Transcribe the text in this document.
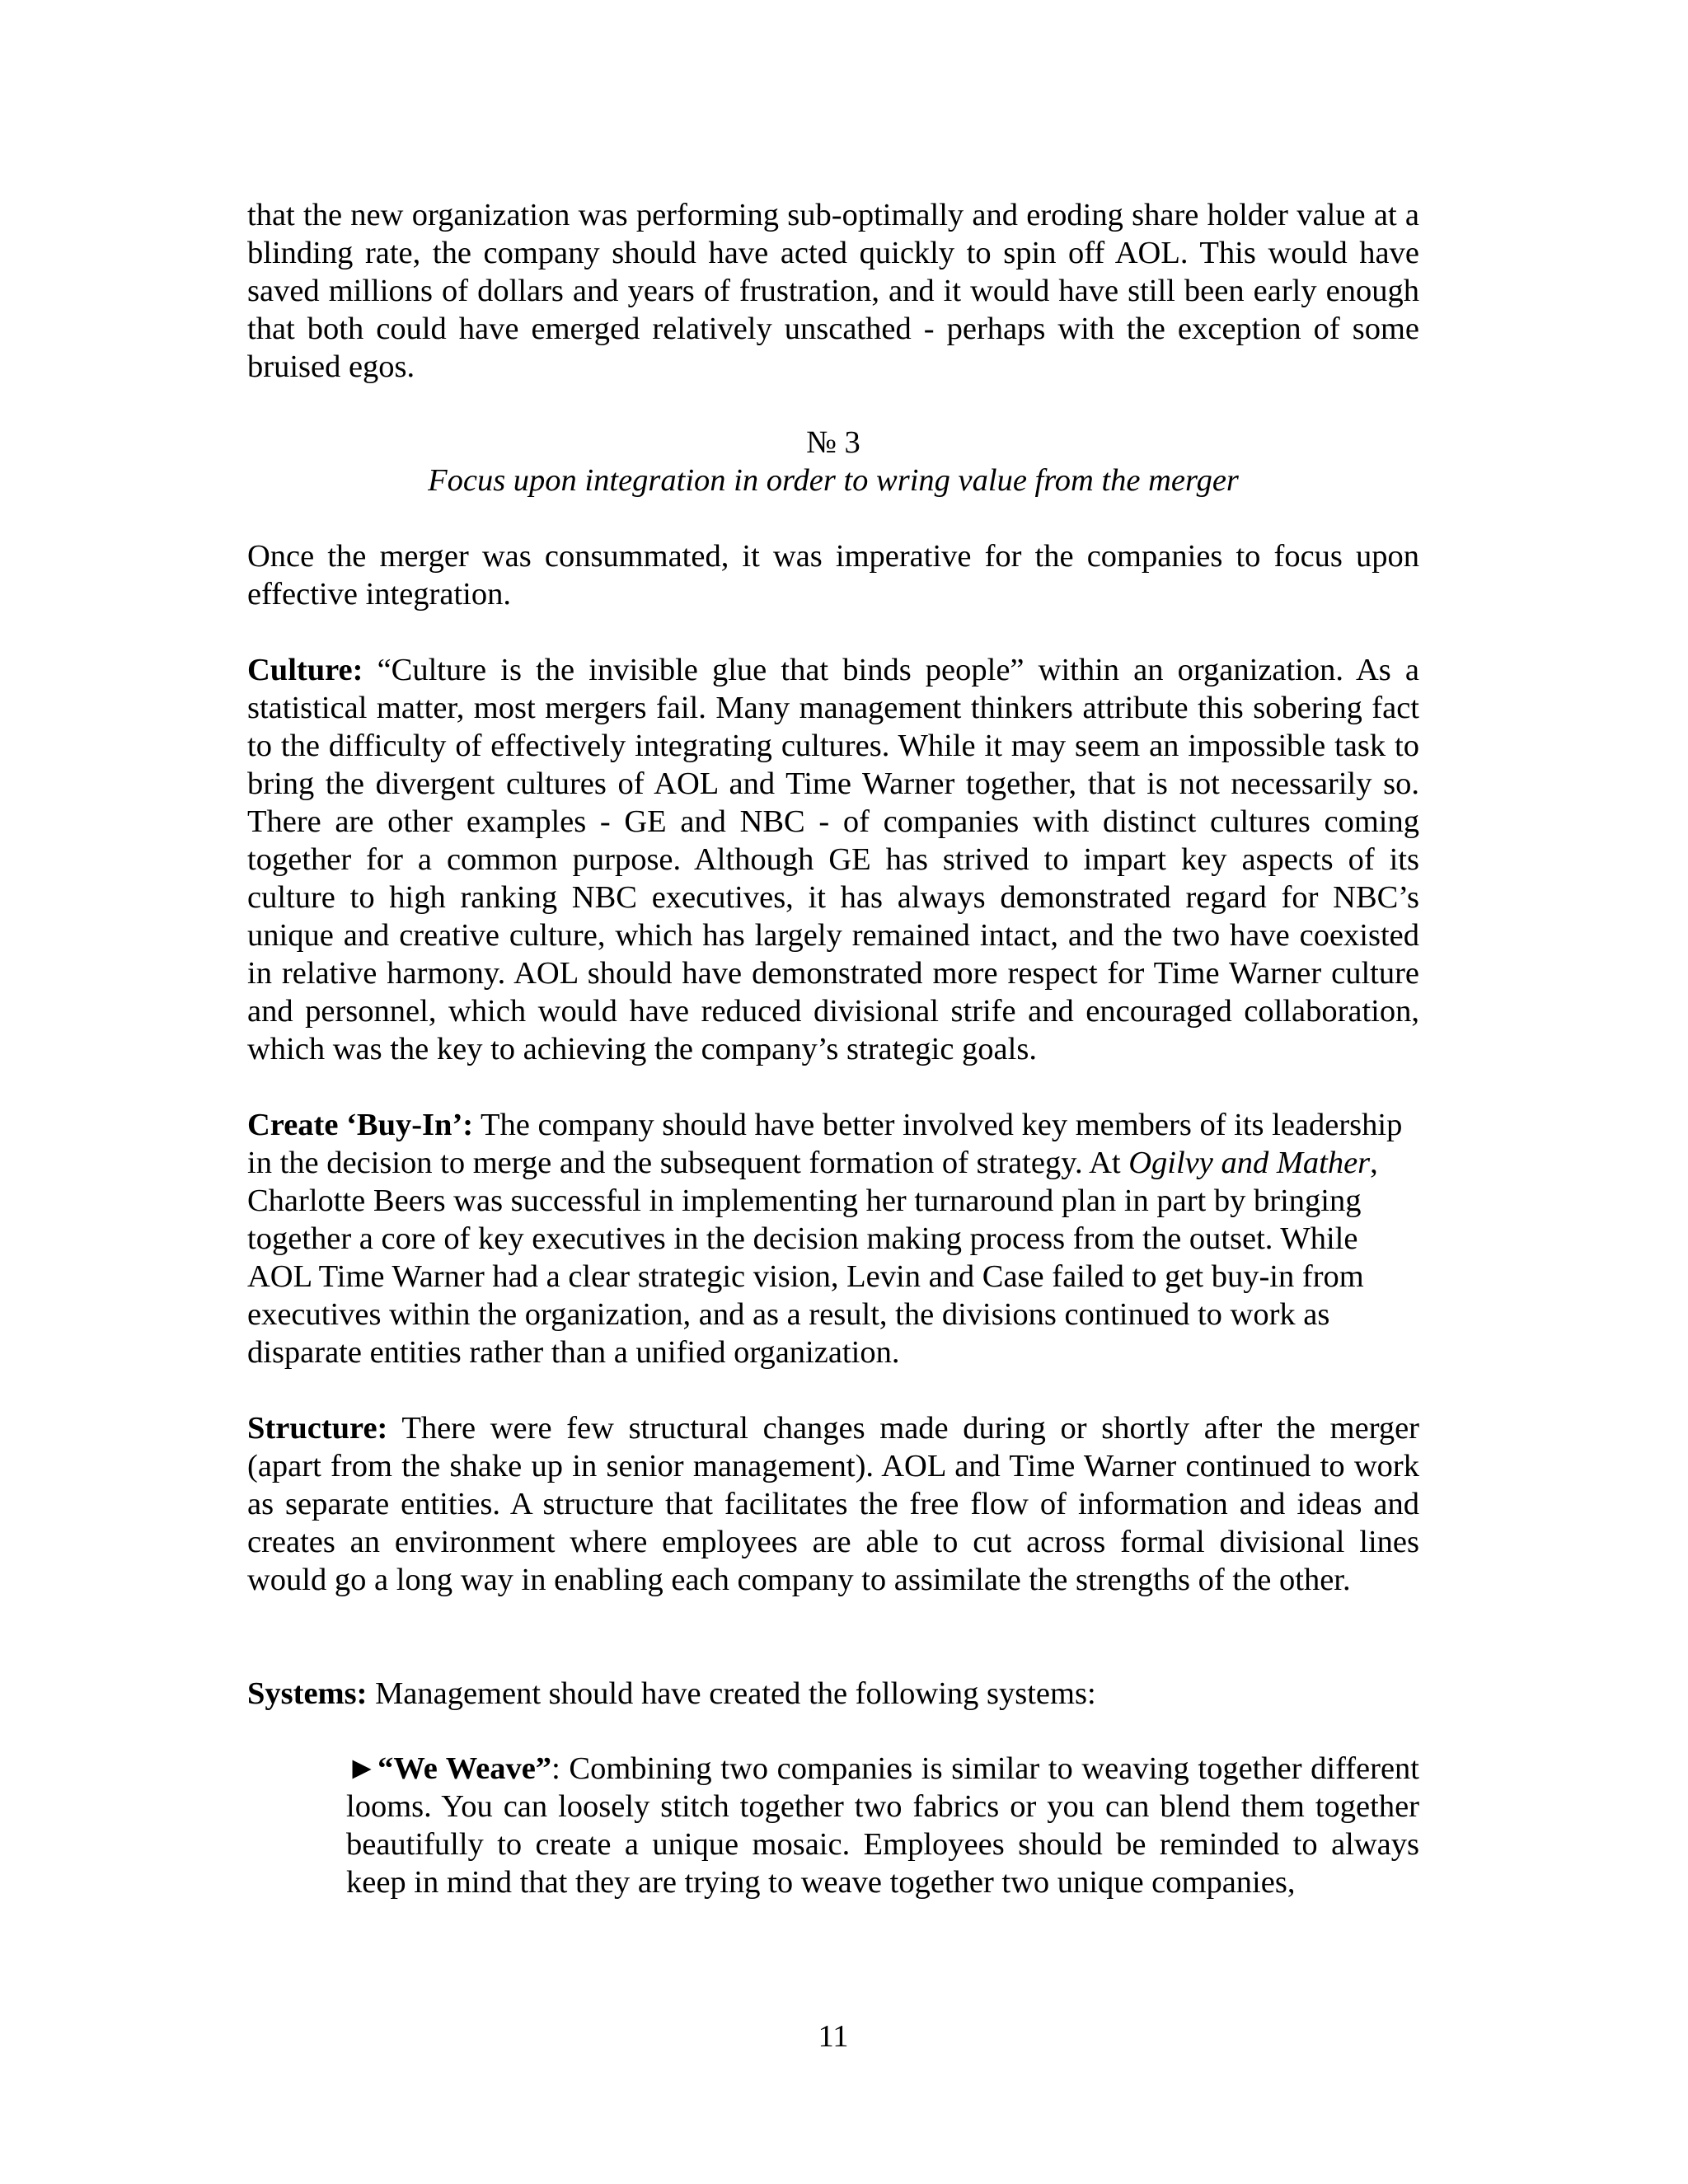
that the new organization was performing sub-optimally and eroding share holder value at a blinding rate, the company should have acted quickly to spin off AOL. This would have saved millions of dollars and years of frustration, and it would have still been early enough that both could have emerged relatively unscathed - perhaps with the exception of some bruised egos.

№ 3

Focus upon integration in order to wring value from the merger

Once the merger was consummated, it was imperative for the companies to focus upon effective integration.

Culture: “Culture is the invisible glue that binds people” within an organization. As a statistical matter, most mergers fail. Many management thinkers attribute this sobering fact to the difficulty of effectively integrating cultures. While it may seem an impossible task to bring the divergent cultures of AOL and Time Warner together, that is not necessarily so. There are other examples - GE and NBC - of companies with distinct cultures coming together for a common purpose. Although GE has strived to impart key aspects of its culture to high ranking NBC executives, it has always demonstrated regard for NBC’s unique and creative culture, which has largely remained intact, and the two have coexisted in relative harmony. AOL should have demonstrated more respect for Time Warner culture and personnel, which would have reduced divisional strife and encouraged collaboration, which was the key to achieving the company’s strategic goals.

Create ‘Buy-In’: The company should have better involved key members of its leadership in the decision to merge and the subsequent formation of strategy. At Ogilvy and Mather, Charlotte Beers was successful in implementing her turnaround plan in part by bringing together a core of key executives in the decision making process from the outset. While AOL Time Warner had a clear strategic vision, Levin and Case failed to get buy-in from executives within the organization, and as a result, the divisions continued to work as disparate entities rather than a unified organization.

Structure: There were few structural changes made during or shortly after the merger (apart from the shake up in senior management). AOL and Time Warner continued to work as separate entities. A structure that facilitates the free flow of information and ideas and creates an environment where employees are able to cut across formal divisional lines would go a long way in enabling each company to assimilate the strengths of the other.

Systems: Management should have created the following systems:

►“We Weave”: Combining two companies is similar to weaving together different looms. You can loosely stitch together two fabrics or you can blend them together beautifully to create a unique mosaic. Employees should be reminded to always keep in mind that they are trying to weave together two unique companies,

11
